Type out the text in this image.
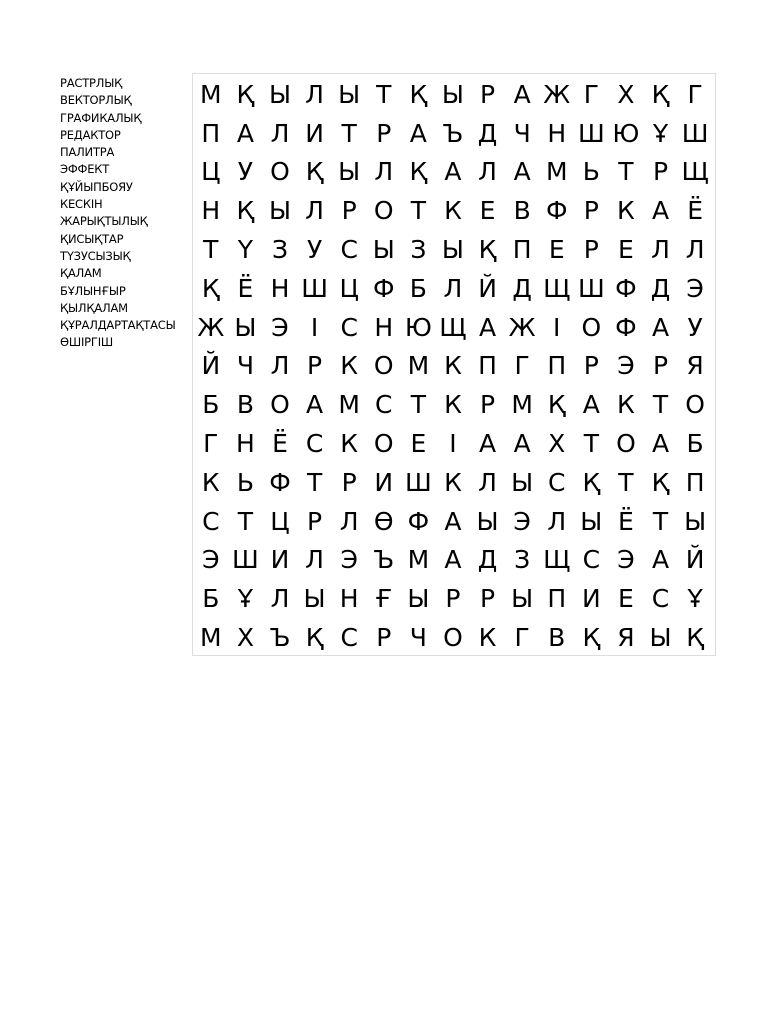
РАСТРЛЫҚ
ВЕКТОРЛЫҚ
ГРАФИКАЛЫҚ
РЕДАКТОР
ПАЛИТРА
ЭФФЕКТ
ҚҰЙЫПБОЯУ
КЕСКІН
ЖАРЫҚТЫЛЫҚ
ҚИСЫҚТАР
ТҮЗУСЫЗЫҚ
ҚАЛАМ
БҰЛЫНҒЫР
ҚЫЛҚАЛАМ
ҚҰРАЛДАРТАҚТАСЫ
ӨШІРГІШ
М Қ Ы Л Ы Т Қ Ы Р А Ж Г Х Қ Г
П А Л И Т Р А Ъ Д Ч Н Ш Ю Ұ Ш
Ц У О Қ Ы Л Қ А Л А М Ь Т Р Щ
Н Қ Ы Л Р О Т К Е В Ф Р К А Ё
Т Ү З У С Ы З Ы Қ П Е Р Е Л Л
Қ Ё Н Ш Ц Ф Б Л Й Д Щ Ш Ф Д Э
Ж Ы Э І С Н Ю Щ А Ж І О Ф А У
Й Ч Л Р К О М К П Г П Р Э Р Я
Б В О А М С Т К Р М Қ А К Т О
Г Н Ё С К О Е І А А Х Т О А Б
К Ь Ф Т Р И Ш К Л Ы С Қ Т Қ П
С Т Ц Р Л Ө Ф А Ы Э Л Ы Ё Т Ы
Э Ш И Л Э Ъ М А Д З Щ С Э А Й
Б Ұ Л Ы Н Ғ Ы Р Р Ы П И Е С Ұ
М Х Ъ Қ С Р Ч О К Г В Қ Я Ы Қ
